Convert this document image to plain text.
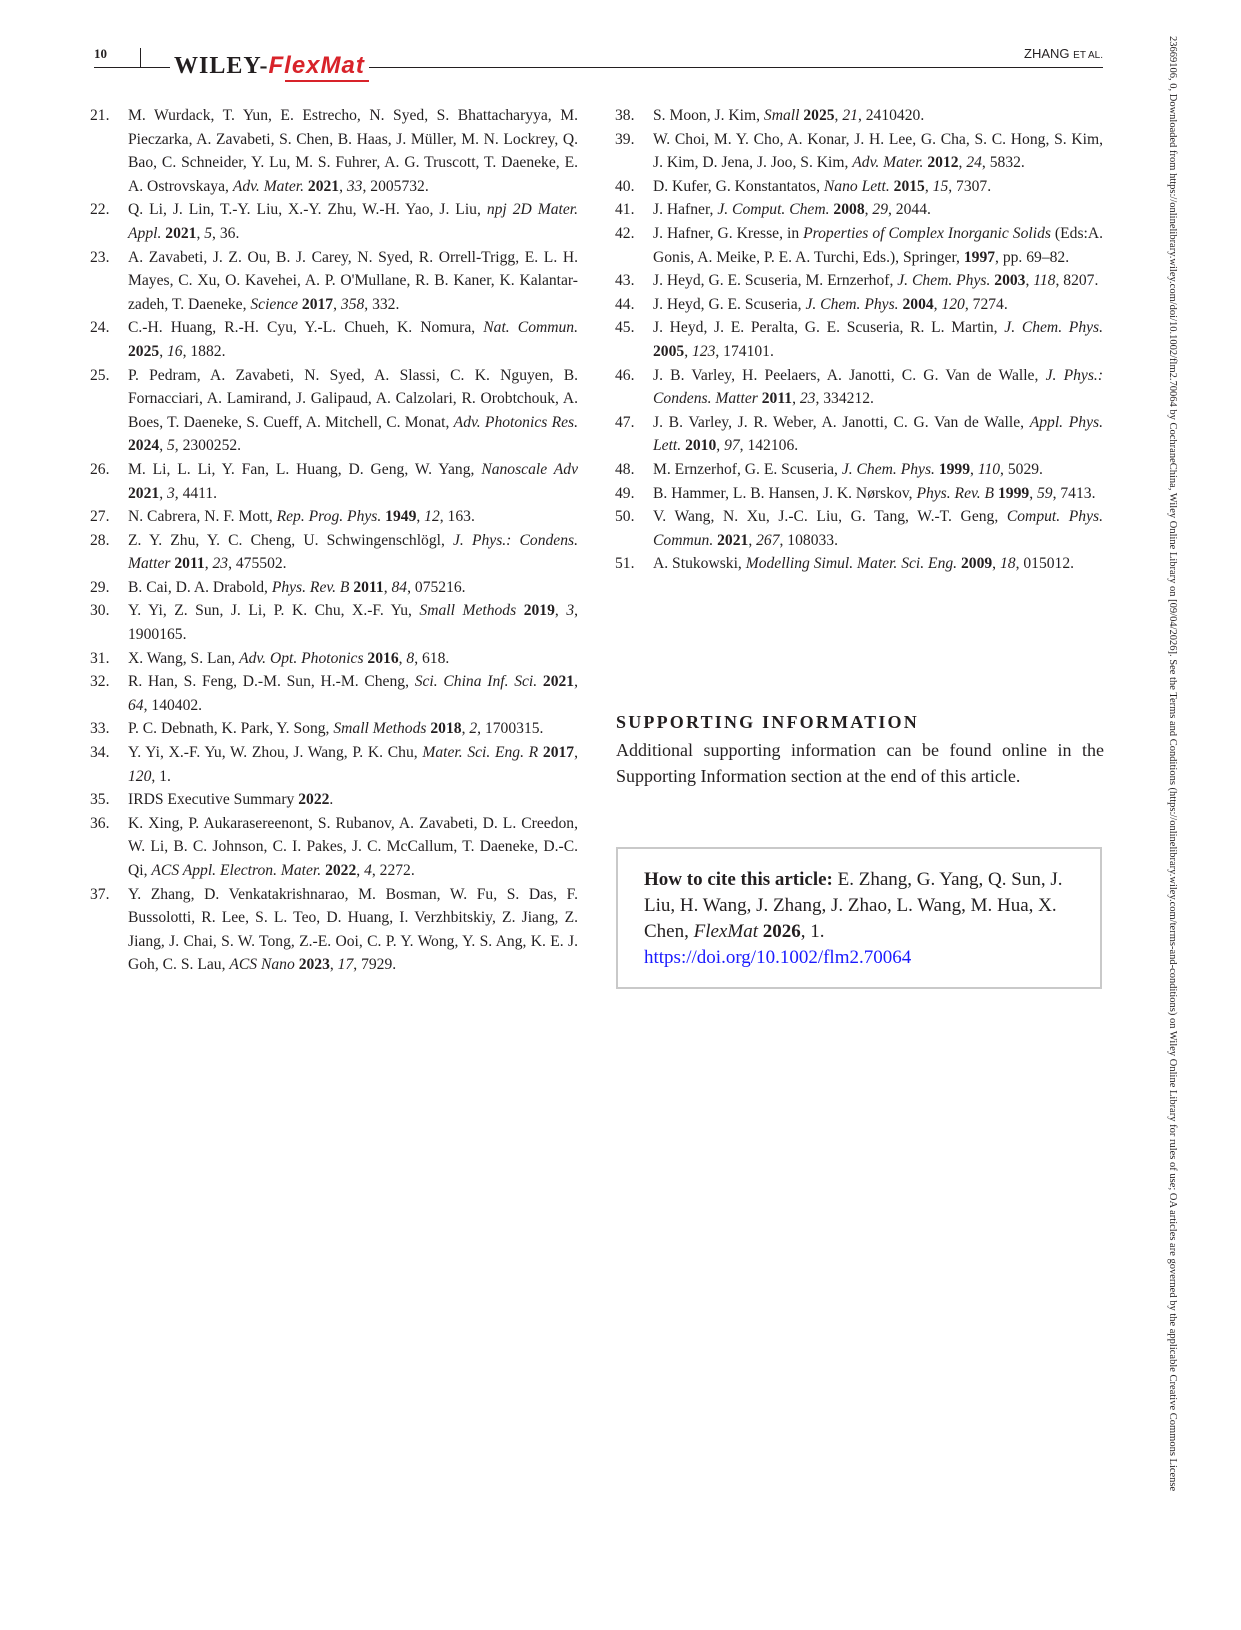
10	WILEY-FlexMat	ZHANG ET AL.
21.	M. Wurdack, T. Yun, E. Estrecho, N. Syed, S. Bhattacharyya, M. Pieczarka, A. Zavabeti, S. Chen, B. Haas, J. Müller, M. N. Lockrey, Q. Bao, C. Schneider, Y. Lu, M. S. Fuhrer, A. G. Truscott, T. Daeneke, E. A. Ostrovskaya, Adv. Mater. 2021, 33, 2005732.
22.	Q. Li, J. Lin, T.-Y. Liu, X.-Y. Zhu, W.-H. Yao, J. Liu, npj 2D Mater. Appl. 2021, 5, 36.
23.	A. Zavabeti, J. Z. Ou, B. J. Carey, N. Syed, R. Orrell-Trigg, E. L. H. Mayes, C. Xu, O. Kavehei, A. P. O'Mullane, R. B. Kaner, K. Kalantar-zadeh, T. Daeneke, Science 2017, 358, 332.
24.	C.-H. Huang, R.-H. Cyu, Y.-L. Chueh, K. Nomura, Nat. Commun. 2025, 16, 1882.
25.	P. Pedram, A. Zavabeti, N. Syed, A. Slassi, C. K. Nguyen, B. Fornacciari, A. Lamirand, J. Galipaud, A. Calzolari, R. Orobtchouk, A. Boes, T. Daeneke, S. Cueff, A. Mitchell, C. Monat, Adv. Photonics Res. 2024, 5, 2300252.
26.	M. Li, L. Li, Y. Fan, L. Huang, D. Geng, W. Yang, Nanoscale Adv 2021, 3, 4411.
27.	N. Cabrera, N. F. Mott, Rep. Prog. Phys. 1949, 12, 163.
28.	Z. Y. Zhu, Y. C. Cheng, U. Schwingenschlögl, J. Phys.: Condens. Matter 2011, 23, 475502.
29.	B. Cai, D. A. Drabold, Phys. Rev. B 2011, 84, 075216.
30.	Y. Yi, Z. Sun, J. Li, P. K. Chu, X.-F. Yu, Small Methods 2019, 3, 1900165.
31.	X. Wang, S. Lan, Adv. Opt. Photonics 2016, 8, 618.
32.	R. Han, S. Feng, D.-M. Sun, H.-M. Cheng, Sci. China Inf. Sci. 2021, 64, 140402.
33.	P. C. Debnath, K. Park, Y. Song, Small Methods 2018, 2, 1700315.
34.	Y. Yi, X.-F. Yu, W. Zhou, J. Wang, P. K. Chu, Mater. Sci. Eng. R 2017, 120, 1.
35.	IRDS Executive Summary 2022.
36.	K. Xing, P. Aukarasereenont, S. Rubanov, A. Zavabeti, D. L. Creedon, W. Li, B. C. Johnson, C. I. Pakes, J. C. McCallum, T. Daeneke, D.-C. Qi, ACS Appl. Electron. Mater. 2022, 4, 2272.
37.	Y. Zhang, D. Venkatakrishnarao, M. Bosman, W. Fu, S. Das, F. Bussolotti, R. Lee, S. L. Teo, D. Huang, I. Verzhbitskiy, Z. Jiang, Z. Jiang, J. Chai, S. W. Tong, Z.-E. Ooi, C. P. Y. Wong, Y. S. Ang, K. E. J. Goh, C. S. Lau, ACS Nano 2023, 17, 7929.
38.	S. Moon, J. Kim, Small 2025, 21, 2410420.
39.	W. Choi, M. Y. Cho, A. Konar, J. H. Lee, G. Cha, S. C. Hong, S. Kim, J. Kim, D. Jena, J. Joo, S. Kim, Adv. Mater. 2012, 24, 5832.
40.	D. Kufer, G. Konstantatos, Nano Lett. 2015, 15, 7307.
41.	J. Hafner, J. Comput. Chem. 2008, 29, 2044.
42.	J. Hafner, G. Kresse, in Properties of Complex Inorganic Solids (Eds:A. Gonis, A. Meike, P. E. A. Turchi, Eds.), Springer, 1997, pp. 69–82.
43.	J. Heyd, G. E. Scuseria, M. Ernzerhof, J. Chem. Phys. 2003, 118, 8207.
44.	J. Heyd, G. E. Scuseria, J. Chem. Phys. 2004, 120, 7274.
45.	J. Heyd, J. E. Peralta, G. E. Scuseria, R. L. Martin, J. Chem. Phys. 2005, 123, 174101.
46.	J. B. Varley, H. Peelaers, A. Janotti, C. G. Van de Walle, J. Phys.: Condens. Matter 2011, 23, 334212.
47.	J. B. Varley, J. R. Weber, A. Janotti, C. G. Van de Walle, Appl. Phys. Lett. 2010, 97, 142106.
48.	M. Ernzerhof, G. E. Scuseria, J. Chem. Phys. 1999, 110, 5029.
49.	B. Hammer, L. B. Hansen, J. K. Nørskov, Phys. Rev. B 1999, 59, 7413.
50.	V. Wang, N. Xu, J.-C. Liu, G. Tang, W.-T. Geng, Comput. Phys. Commun. 2021, 267, 108033.
51.	A. Stukowski, Modelling Simul. Mater. Sci. Eng. 2009, 18, 015012.
SUPPORTING INFORMATION
Additional supporting information can be found online in the Supporting Information section at the end of this article.
How to cite this article: E. Zhang, G. Yang, Q. Sun, J. Liu, H. Wang, J. Zhang, J. Zhao, L. Wang, M. Hua, X. Chen, FlexMat 2026, 1. https://doi.org/10.1002/flm2.70064	23669106, 0, Downloaded from https://onlinelibrary.wiley.com/doi/10.1002/flm2.70064 by CochraneChina, Wiley Online Library on [09/04/2026]. See the Terms and Conditions (https://onlinelibrary.wiley.com/terms-and-conditions) on Wiley Online Library for rules of use; OA articles are governed by the applicable Creative Commons License
